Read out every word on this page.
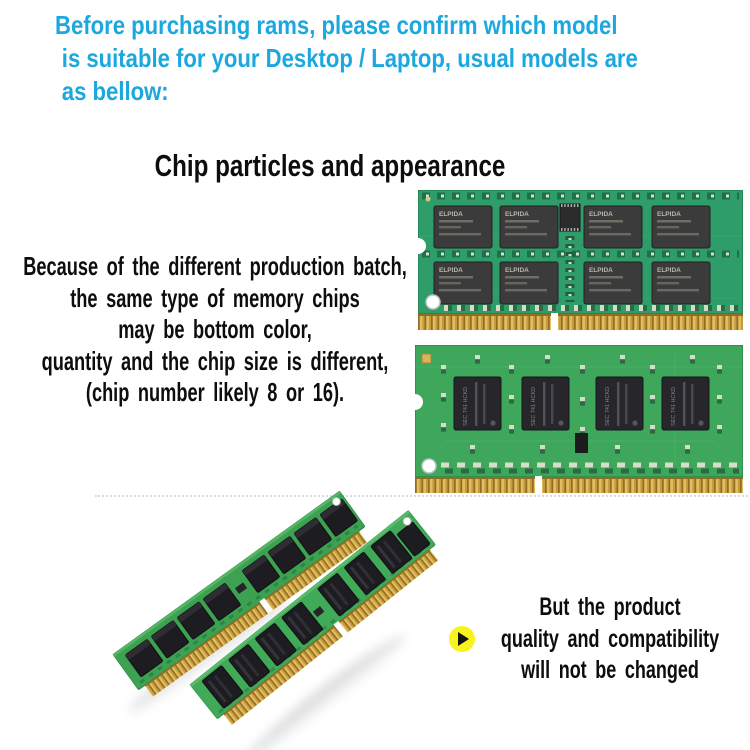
Before purchasing rams, please confirm which model
is suitable for your Desktop / Laptop, usual models are
as bellow:
Chip particles and appearance
Because of the different production batch,
the same type of memory chips
may be bottom color,
quantity and the chip size is different,
(chip number likely 8 or 16).
ELPIDA	ELPIDA	ELPIDA	ELPIDA
ELPIDA	ELPIDA	ELPIDA	ELPIDA
SEC 741 HCKD	SEC 741 HCKD	SEC 741 HCKD	SEC 741 HCKD
But the product
quality and compatibility
will not be changed
